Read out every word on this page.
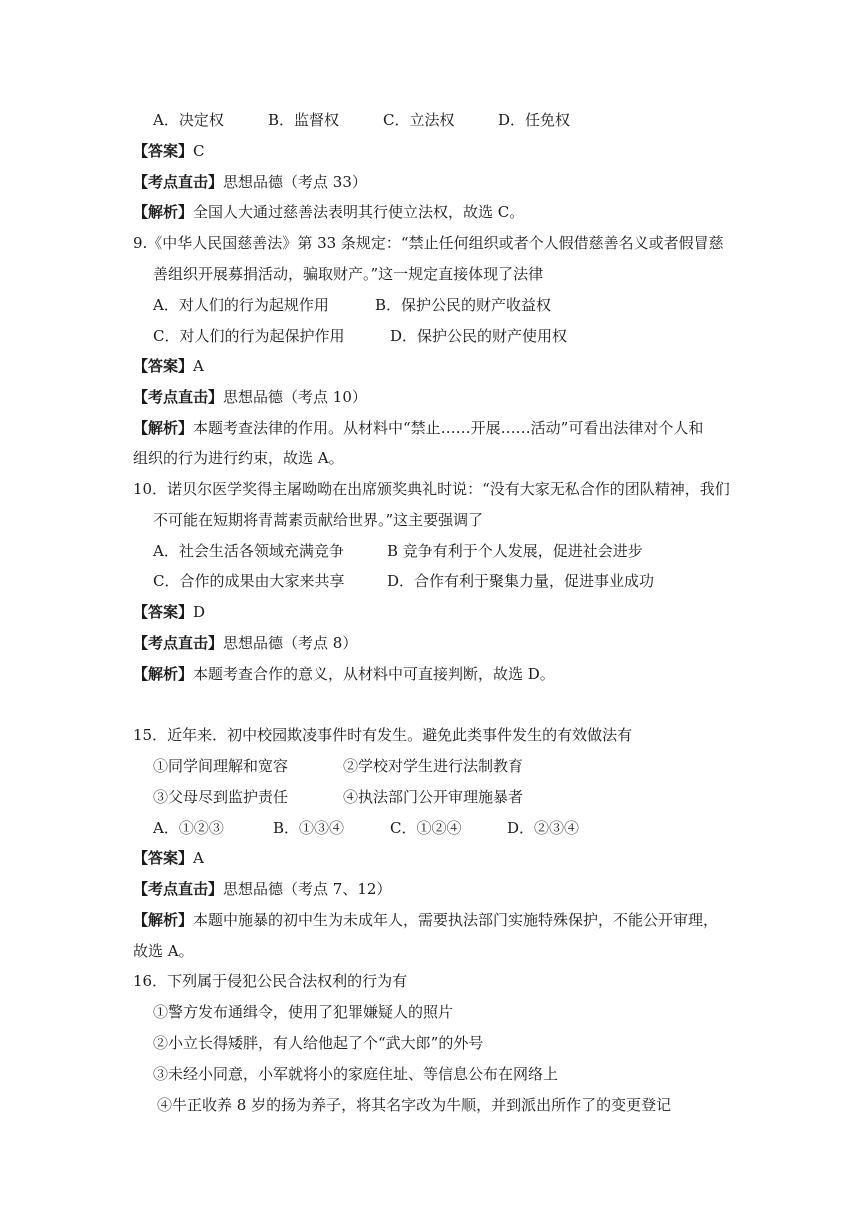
A．决定权	B．监督权	C．立法权	D．任免权
【答案】C
【考点直击】思想品德（考点 33）
【解析】全国人大通过慈善法表明其行使立法权，故选 C。
9.《中华人民国慈善法》第 33 条规定：“禁止任何组织或者个人假借慈善名义或者假冒慈
善组织开展募捐活动，骗取财产。”这一规定直接体现了法律
A．对人们的行为起规作用	B．保护公民的财产收益权
C．对人们的行为起保护作用	D．保护公民的财产使用权
【答案】A
【考点直击】思想品德（考点 10）
【解析】本题考查法律的作用。从材料中“禁止……开展……活动”可看出法律对个人和
组织的行为进行约束，故选 A。
10．诺贝尔医学奖得主屠呦呦在出席颁奖典礼时说：“没有大家无私合作的团队精神，我们
不可能在短期将青蒿素贡献给世界。”这主要强调了
A．社会生活各领域充满竞争	B 竞争有利于个人发展，促进社会进步
C．合作的成果由大家来共享	D．合作有利于聚集力量，促进事业成功
【答案】D
【考点直击】思想品德（考点 8）
【解析】本题考查合作的意义，从材料中可直接判断，故选 D。
15．近年来．初中校园欺凌事件时有发生。避免此类事件发生的有效做法有
①同学间理解和宽容	②学校对学生进行法制教育
③父母尽到监护责任	④执法部门公开审理施暴者
A．①②③	B．①③④	C．①②④	D．②③④
【答案】A
【考点直击】思想品德（考点 7、12）
【解析】本题中施暴的初中生为未成年人，需要执法部门实施特殊保护，不能公开审理，
故选 A。
16．下列属于侵犯公民合法权利的行为有
①警方发布通缉令，使用了犯罪嫌疑人的照片
②小立长得矮胖，有人给他起了个“武大郎”的外号
③未经小同意，小军就将小的家庭住址、等信息公布在网络上
④牛正收养 8 岁的扬为养子，将其名字改为牛顺，并到派出所作了的变更登记
